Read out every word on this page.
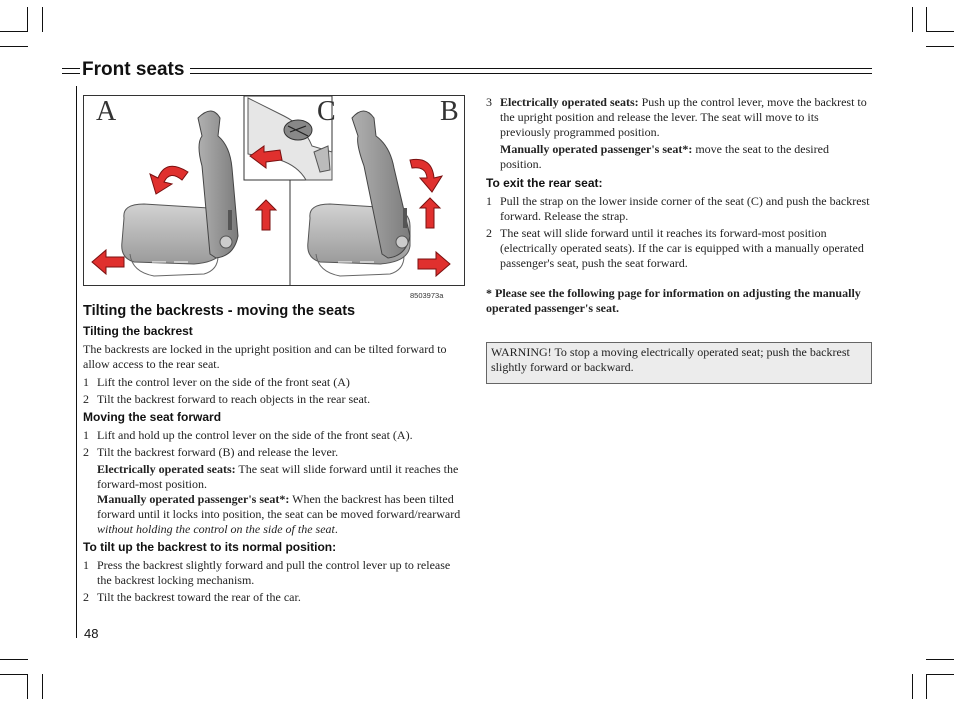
Front seats
A	C	B
8503973a
Tilting the backrests - moving the seats
Tilting the backrest

The backrests are locked in the upright position and can be tilted forward to allow access to the rear seat.

1 Lift the control lever on the side of the front seat (A)
2 Tilt the backrest forward to reach objects in the rear seat.
Moving the seat forward
1 Lift and hold up the control lever on the side of the front seat (A).
2 Tilt the backrest forward (B) and release the lever.
Electrically operated seats: The seat will slide forward until it reaches the forward-most position.
Manually operated passenger's seat*: When the backrest has been tilted forward until it locks into position, the seat can be moved forward/rearward without holding the control on the side of the seat.
To tilt up the backrest to its normal position:
1 Press the backrest slightly forward and pull the control lever up to release the backrest locking mechanism.
2 Tilt the backrest toward the rear of the car.
3 Electrically operated seats: Push up the control lever, move the backrest to the upright position and release the lever. The seat will move to its previously programmed position.
Manually operated passenger's seat*: move the seat to the desired position.
To exit the rear seat:
1 Pull the strap on the lower inside corner of the seat (C) and push the backrest forward. Release the strap.
2 The seat will slide forward until it reaches its forward-most position (electrically operated seats). If the car is equipped with a manually operated passenger's seat, push the seat forward.
* Please see the following page for information on adjusting the manually operated passenger's seat.
WARNING! To stop a moving electrically operated seat; push the backrest slightly forward or backward.
48
